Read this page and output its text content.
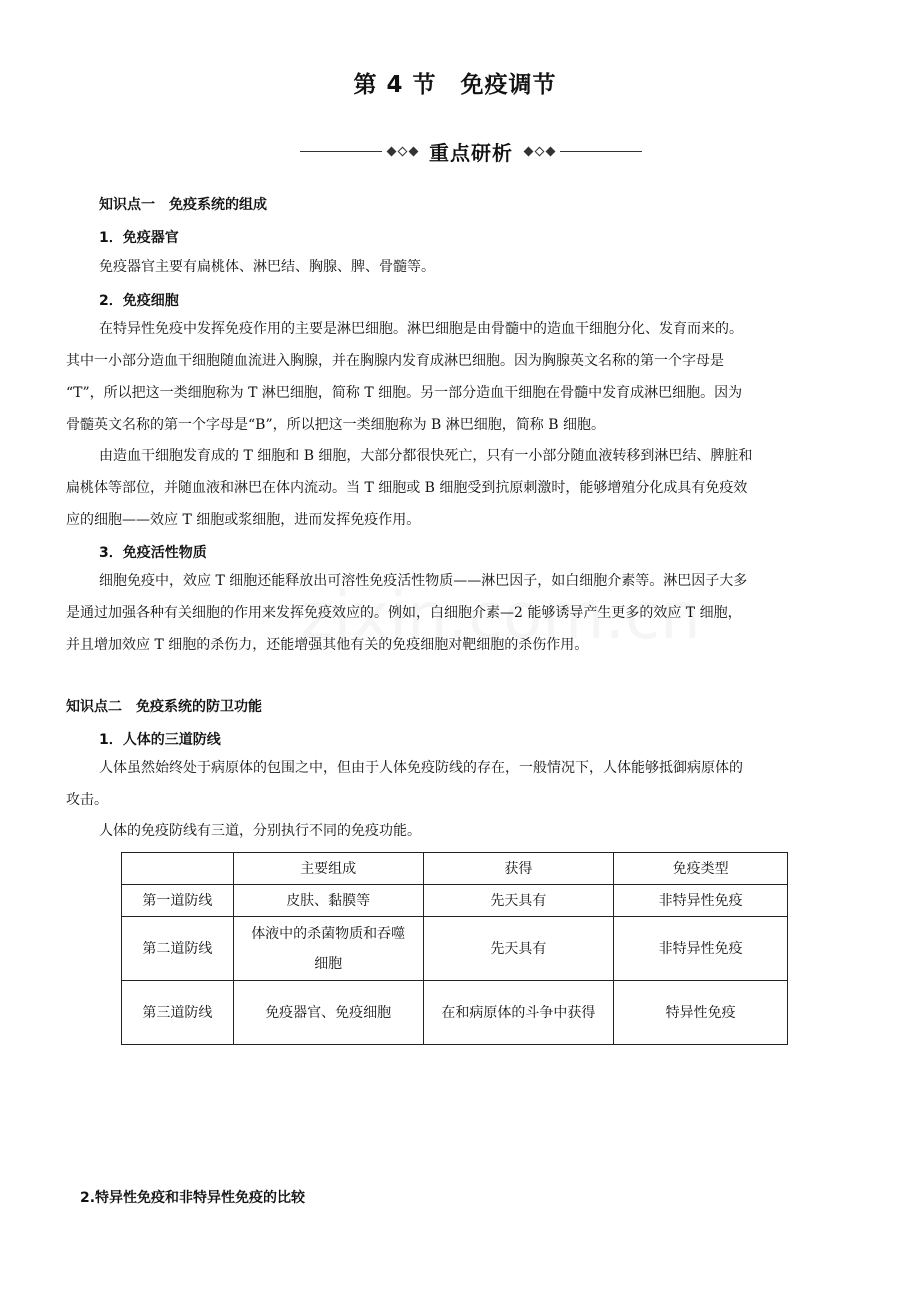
第 4 节　免疫调节
重点研析
知识点一　免疫系统的组成
1．免疫器官
免疫器官主要有扁桃体、淋巴结、胸腺、脾、骨髓等。
2．免疫细胞
在特异性免疫中发挥免疫作用的主要是淋巴细胞。淋巴细胞是由骨髓中的造血干细胞分化、发育而来的。
其中一小部分造血干细胞随血流进入胸腺，并在胸腺内发育成淋巴细胞。因为胸腺英文名称的第一个字母是
“T”，所以把这一类细胞称为 T 淋巴细胞，简称 T 细胞。另一部分造血干细胞在骨髓中发育成淋巴细胞。因为
骨髓英文名称的第一个字母是“B”，所以把这一类细胞称为 B 淋巴细胞，简称 B 细胞。
由造血干细胞发育成的 T 细胞和 B 细胞，大部分都很快死亡，只有一小部分随血液转移到淋巴结、脾脏和
扁桃体等部位，并随血液和淋巴在体内流动。当 T 细胞或 B 细胞受到抗原刺激时，能够增殖分化成具有免疫效
应的细胞——效应 T 细胞或浆细胞，进而发挥免疫作用。
3．免疫活性物质
细胞免疫中，效应 T 细胞还能释放出可溶性免疫活性物质——淋巴因子，如白细胞介素等。淋巴因子大多
是通过加强各种有关细胞的作用来发挥免疫效应的。例如，白细胞介素—2 能够诱导产生更多的效应 T 细胞，
并且增加效应 T 细胞的杀伤力，还能增强其他有关的免疫细胞对靶细胞的杀伤作用。
知识点二　免疫系统的防卫功能
1．人体的三道防线
人体虽然始终处于病原体的包围之中，但由于人体免疫防线的存在，一般情况下，人体能够抵御病原体的
攻击。
人体的免疫防线有三道，分别执行不同的免疫功能。
	主要组成	获得	免疫类型
第一道防线	皮肤、黏膜等	先天具有	非特异性免疫
第二道防线	体液中的杀菌物质和吞噬细胞	先天具有	非特异性免疫
第三道防线	免疫器官、免疫细胞	在和病原体的斗争中获得	特异性免疫
2.特异性免疫和非特异性免疫的比较
